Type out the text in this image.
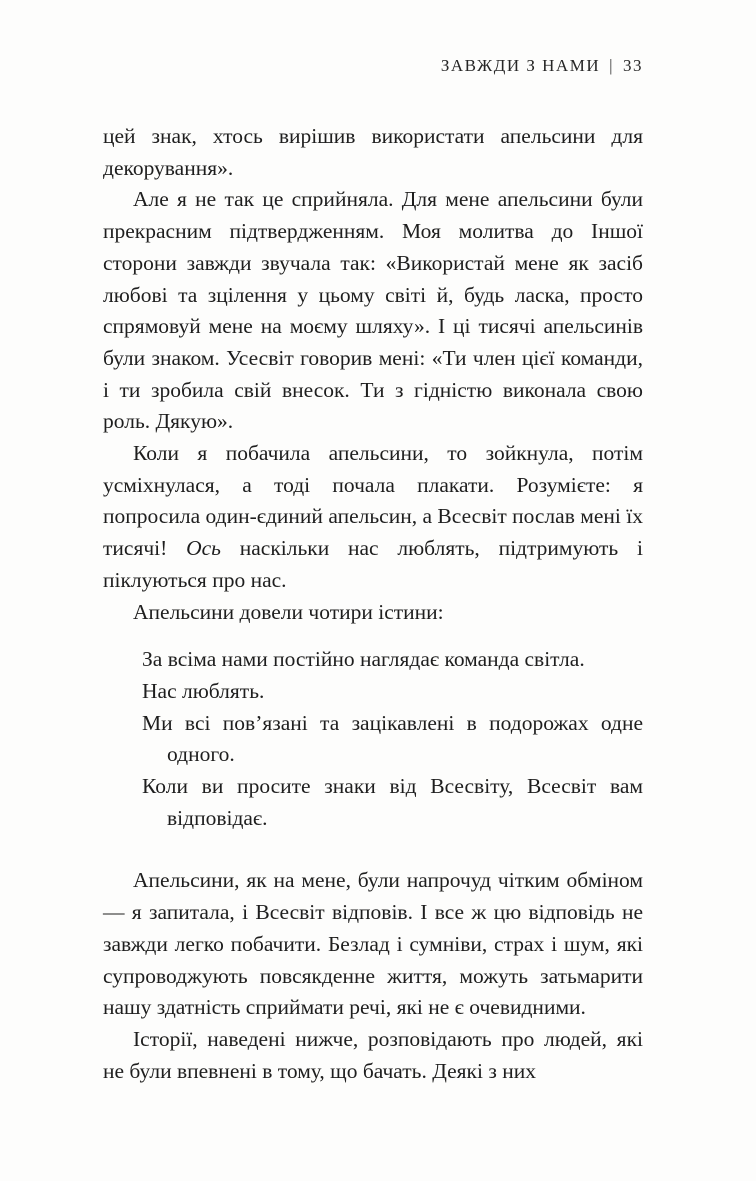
ЗАВЖДИ З НАМИ | 33

цей знак, хтось вирішив використати апельсини для декорування».

Але я не так це сприйняла. Для мене апельсини були прекрасним підтвердженням. Моя молитва до Іншої сторони завжди звучала так: «Використай мене як засіб любові та зцілення у цьому світі й, будь ласка, просто спрямовуй мене на моєму шляху». І ці тисячі апельсинів були знаком. Усесвіт говорив мені: «Ти член цієї команди, і ти зробила свій внесок. Ти з гідністю виконала свою роль. Дякую».

Коли я побачила апельсини, то зойкнула, потім усміхнулася, а тоді почала плакати. Розумієте: я попросила один-єдиний апельсин, а Всесвіт послав мені їх тисячі! Ось наскільки нас люблять, підтримують і піклуються про нас.

Апельсини довели чотири істини:

За всіма нами постійно наглядає команда світла.
Нас люблять.
Ми всі пов’язані та зацікавлені в подорожах одне одного.
Коли ви просите знаки від Всесвіту, Всесвіт вам відповідає.

Апельсини, як на мене, були напрочуд чітким обміном — я запитала, і Всесвіт відповів. І все ж цю відповідь не завжди легко побачити. Безлад і сумніви, страх і шум, які супроводжують повсякденне життя, можуть затьмарити нашу здатність сприймати речі, які не є очевидними.

Історії, наведені нижче, розповідають про людей, які не були впевнені в тому, що бачать. Деякі з них
